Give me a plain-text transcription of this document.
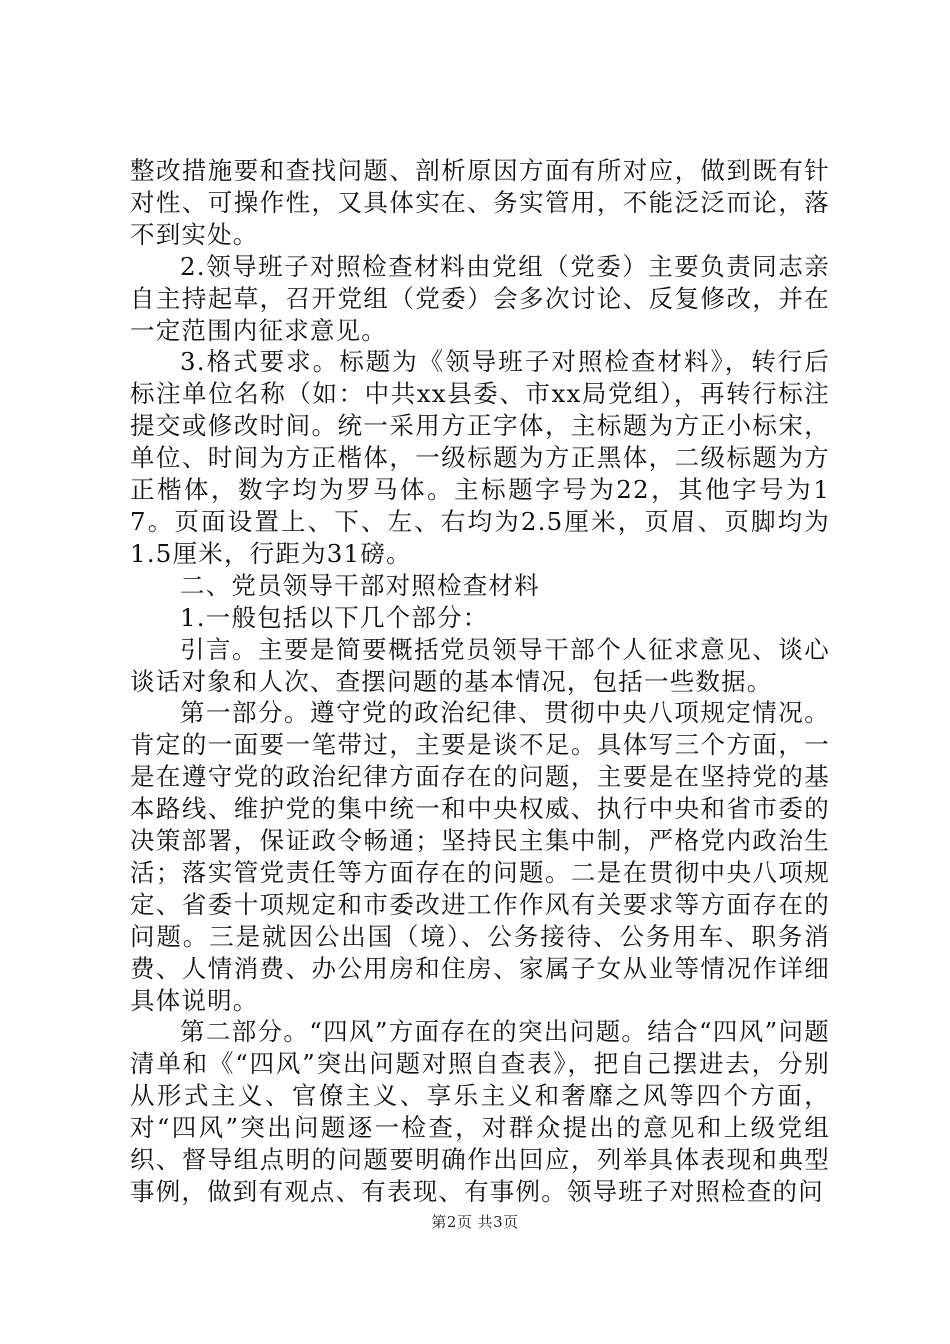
整改措施要和查找问题、剖析原因方面有所对应，做到既有针对性、可操作性，又具体实在、务实管用，不能泛泛而论，落不到实处。

2.领导班子对照检查材料由党组（党委）主要负责同志亲自主持起草，召开党组（党委）会多次讨论、反复修改，并在一定范围内征求意见。

3.格式要求。标题为《领导班子对照检查材料》，转行后标注单位名称（如：中共xx县委、市xx局党组），再转行标注提交或修改时间。统一采用方正字体，主标题为方正小标宋，单位、时间为方正楷体，一级标题为方正黑体，二级标题为方正楷体，数字均为罗马体。主标题字号为22，其他字号为17。页面设置上、下、左、右均为2.5厘米，页眉、页脚均为1.5厘米，行距为31磅。

二、党员领导干部对照检查材料

1.一般包括以下几个部分：

引言。主要是简要概括党员领导干部个人征求意见、谈心谈话对象和人次、查摆问题的基本情况，包括一些数据。

第一部分。遵守党的政治纪律、贯彻中央八项规定情况。肯定的一面要一笔带过，主要是谈不足。具体写三个方面，一是在遵守党的政治纪律方面存在的问题，主要是在坚持党的基本路线、维护党的集中统一和中央权威、执行中央和省市委的决策部署，保证政令畅通；坚持民主集中制，严格党内政治生活；落实管党责任等方面存在的问题。二是在贯彻中央八项规定、省委十项规定和市委改进工作作风有关要求等方面存在的问题。三是就因公出国（境）、公务接待、公务用车、职务消费、人情消费、办公用房和住房、家属子女从业等情况作详细具体说明。

第二部分。“四风”方面存在的突出问题。结合“四风”问题清单和《“四风”突出问题对照自查表》，把自己摆进去，分别从形式主义、官僚主义、享乐主义和奢靡之风等四个方面，对“四风”突出问题逐一检查，对群众提出的意见和上级党组织、督导组点明的问题要明确作出回应，列举具体表现和典型事例，做到有观点、有表现、有事例。领导班子对照检查的问

第2页 共3页
